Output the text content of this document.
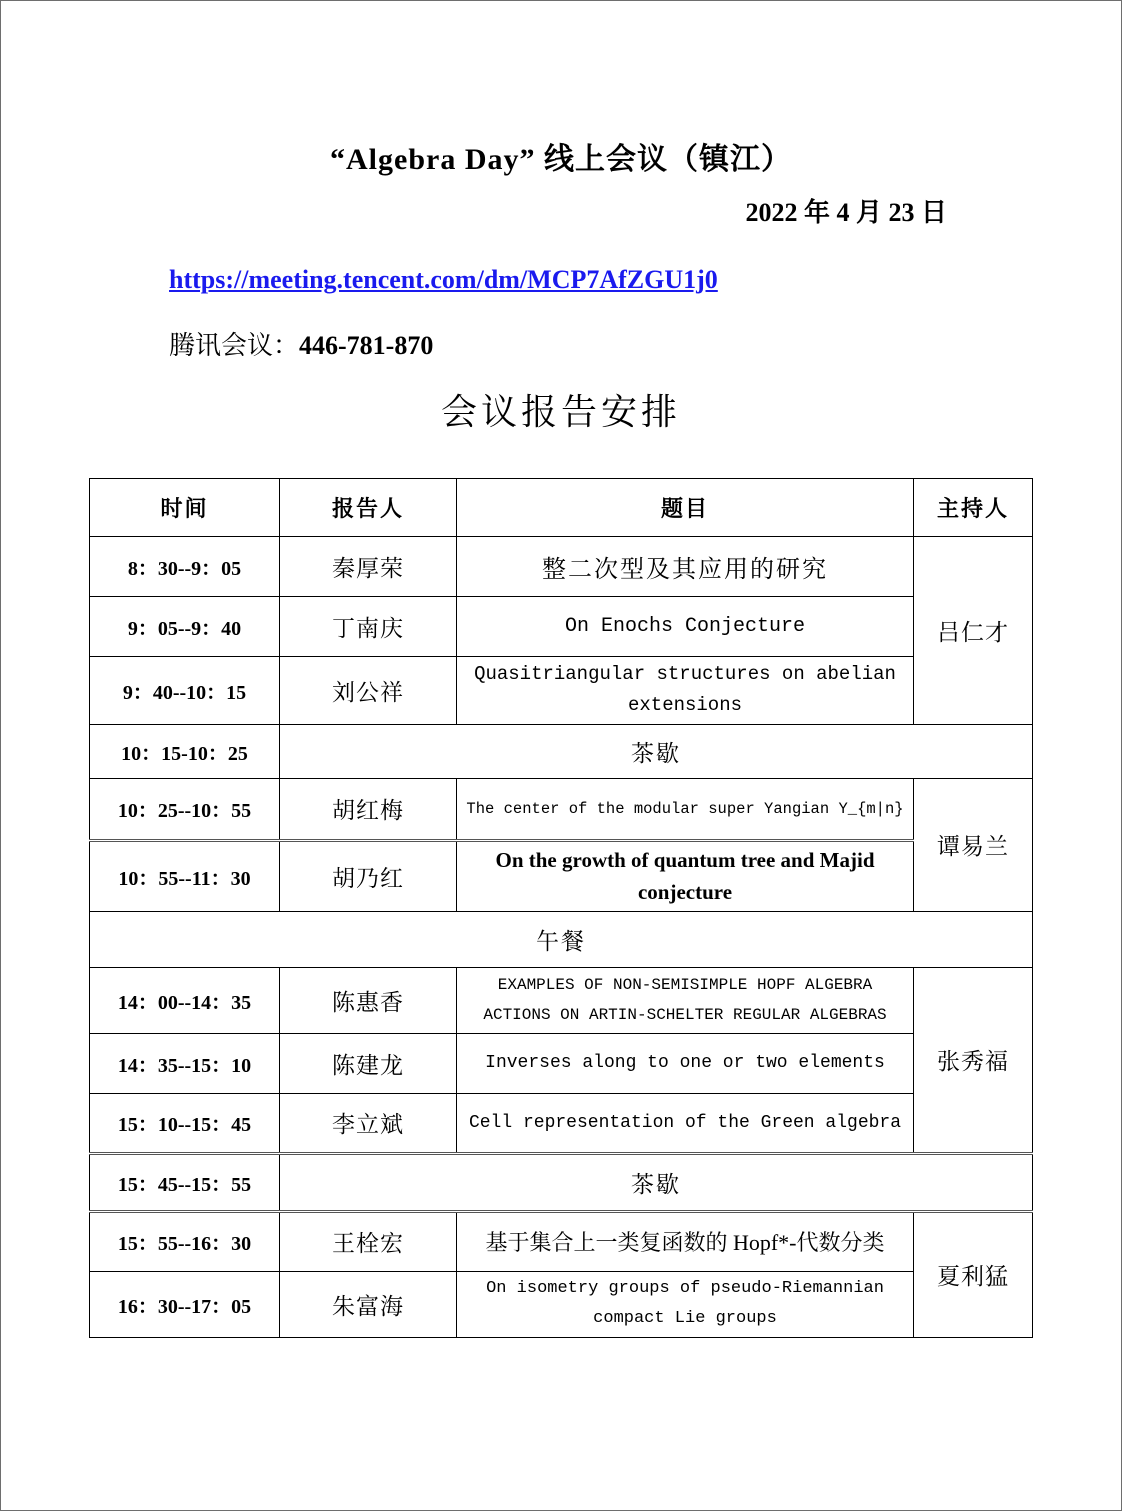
“Algebra Day” 线上会议（镇江）
2022 年 4 月 23 日
https://meeting.tencent.com/dm/MCP7AfZGU1j0
腾讯会议：446-781-870
会议报告安排
时间	报告人	题目	主持人
8：30--9：05	秦厚荣	整二次型及其应用的研究	吕仁才
9：05--9：40	丁南庆	On Enochs Conjecture	
9：40--10：15	刘公祥	Quasitriangular structures on abelian extensions	
10：15-10：25	茶歇		
10：25--10：55	胡红梅	The center of the modular super Yangian Y_{m|n}	谭易兰
10：55--11：30	胡乃红	On the growth of quantum tree and Majid conjecture	
午餐			
14：00--14：35	陈惠香	EXAMPLES OF NON-SEMISIMPLE HOPF ALGEBRA ACTIONS ON ARTIN-SCHELTER REGULAR ALGEBRAS	张秀福
14：35--15：10	陈建龙	Inverses along to one or two elements	
15：10--15：45	李立斌	Cell representation of the Green algebra	
15：45--15：55	茶歇		
15：55--16：30	王栓宏	基于集合上一类复函数的 Hopf*-代数分类	夏利猛
16：30--17：05	朱富海	On isometry groups of pseudo-Riemannian compact Lie groups	
